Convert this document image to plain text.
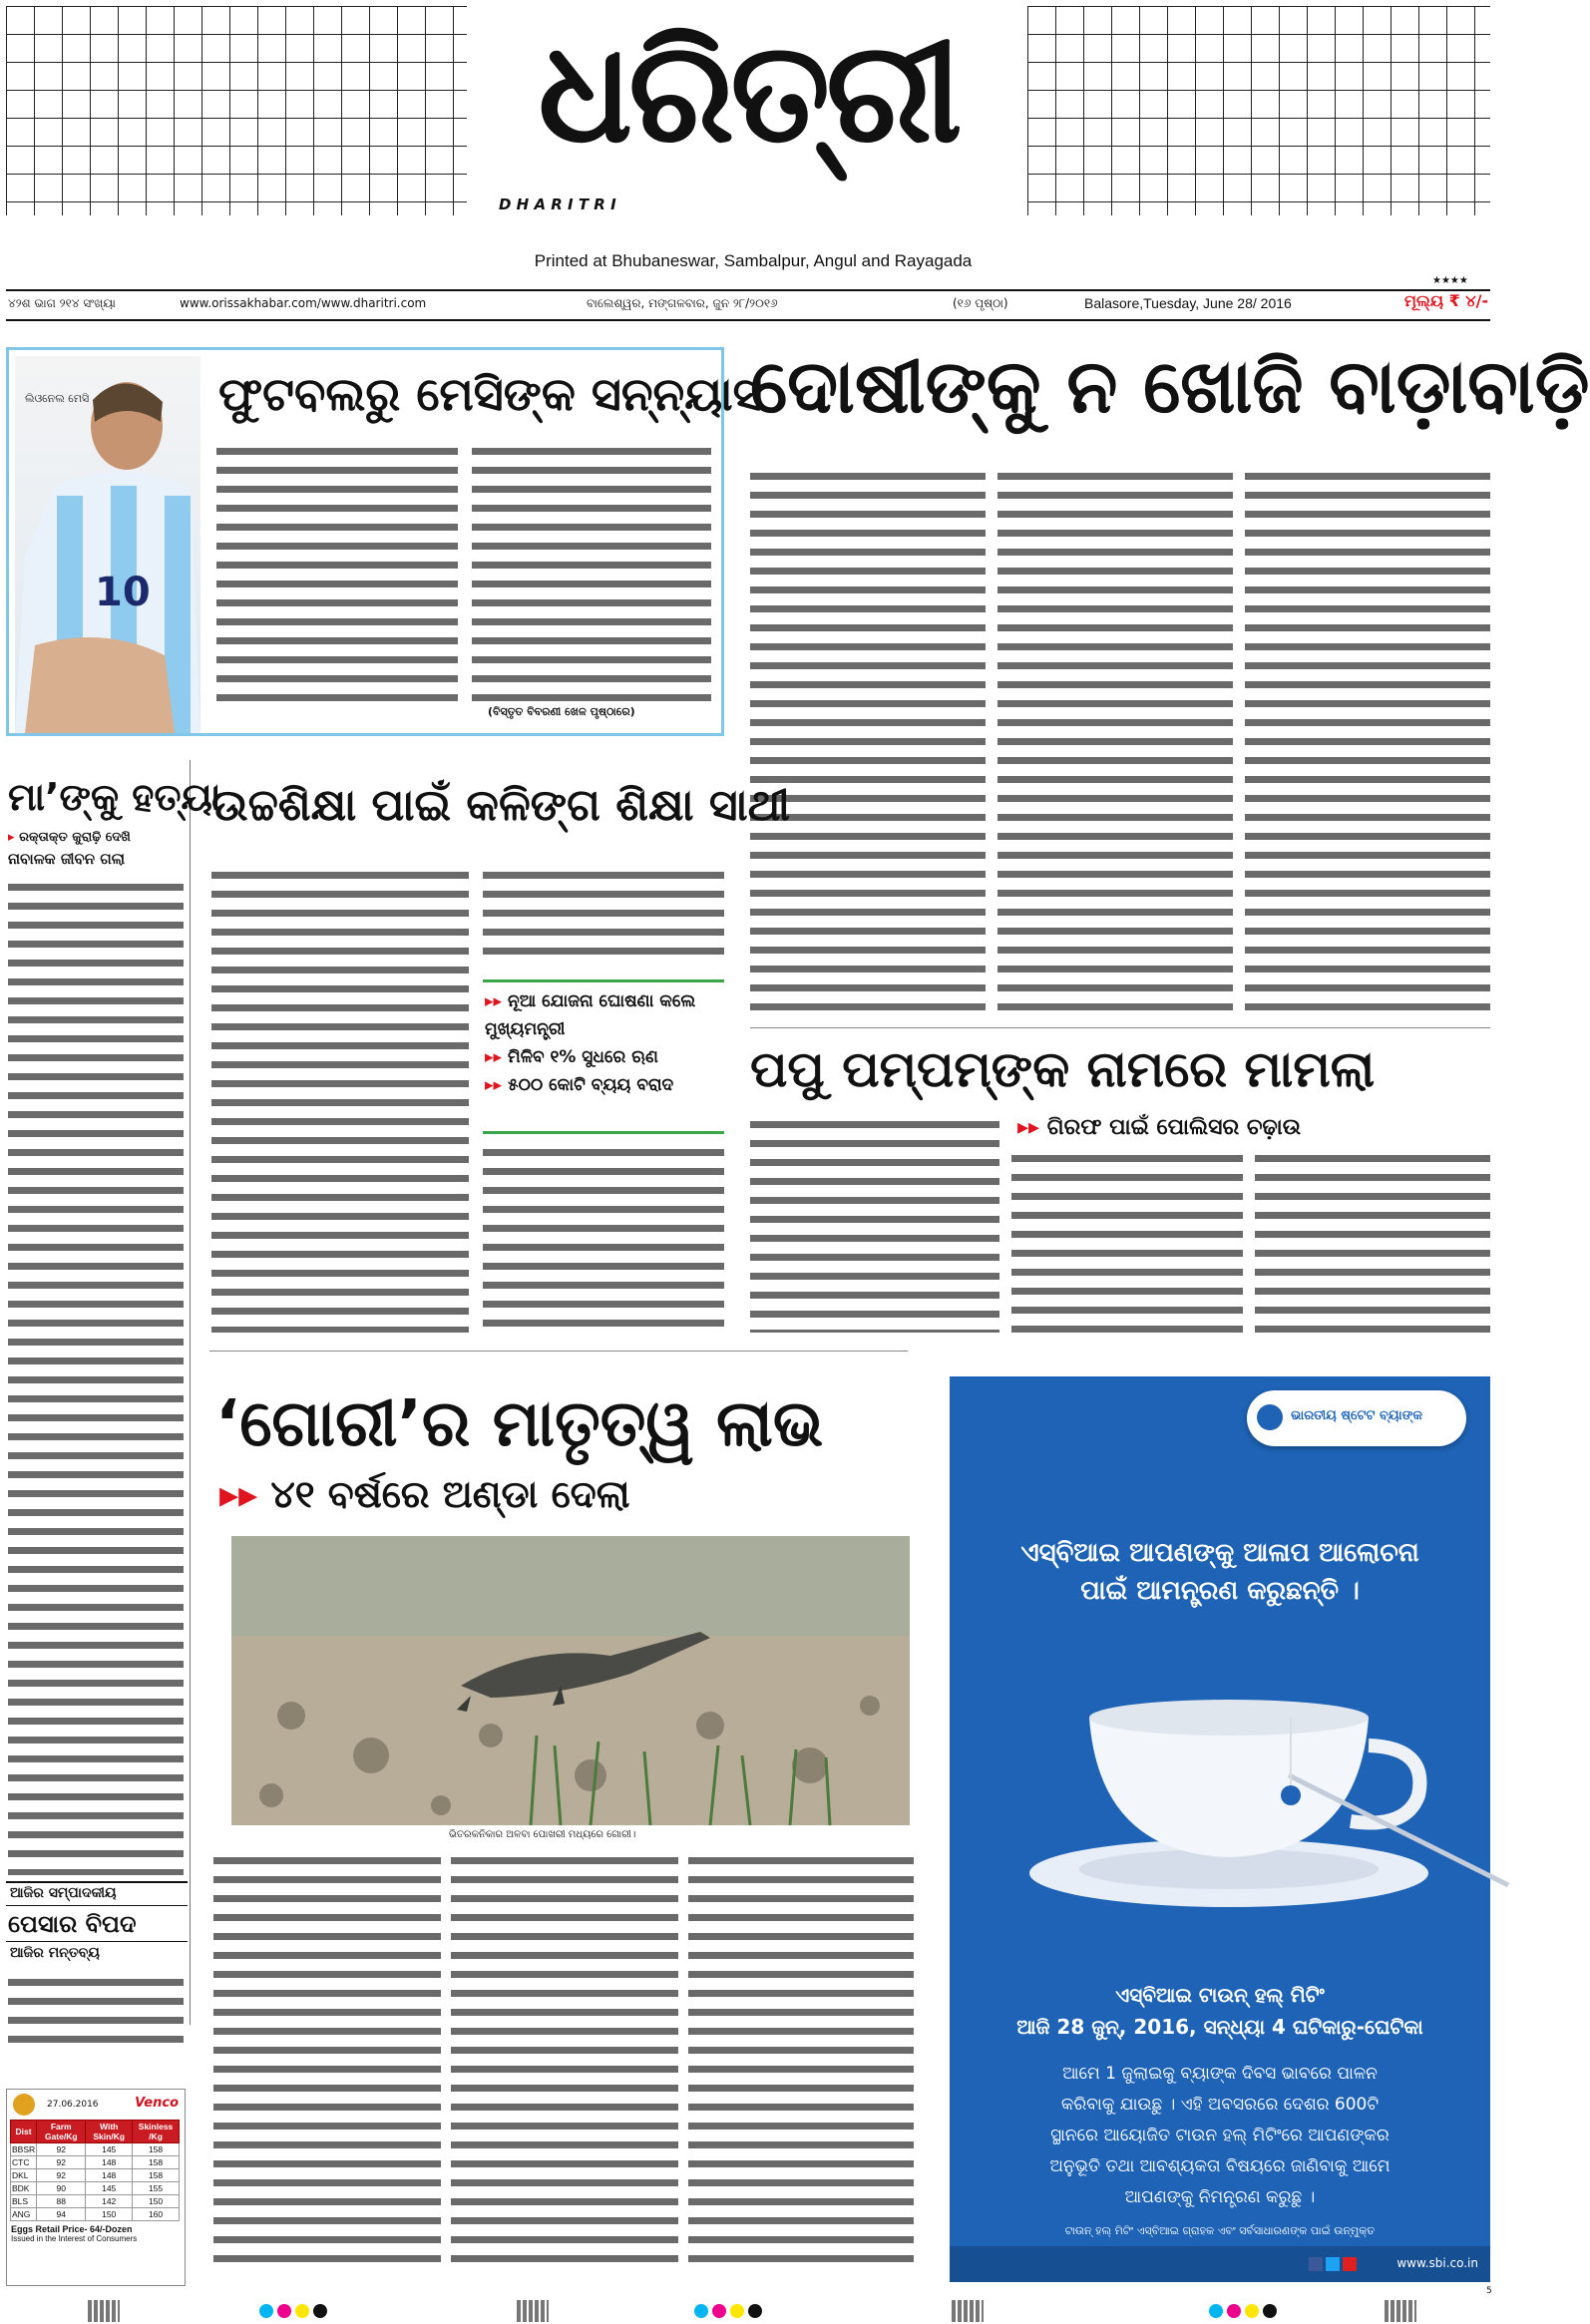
ଧରିତ୍ରୀ
D H A R I T R I
Printed at Bhubaneswar, Sambalpur, Angul and Rayagada
★★★★
୪୨ଶ ଭାଗ ୨୧୪ ସଂଖ୍ୟା	www.orissakhabar.com/www.dharitri.com	ବାଲେଶ୍ୱର, ମଙ୍ଗଳବାର, ଜୁନ ୨୮/୨୦୧୬	(୧୬ ପୃଷ୍ଠା)	Balasore,Tuesday, June 28/ 2016	ମୂଲ୍ୟ ₹ ୪/-
10
ଲିଓନେଲ ମେସି	ଫୁଟବଲରୁ ମେସିଙ୍କ ସନ୍ନ୍ୟାସ
(ବିସ୍ତୃତ ବିବରଣୀ ଖେଳ ପୃଷ୍ଠାରେ)
ଦୋଷୀଙ୍କୁ ନ ଖୋଜି ବାଡ଼ାବାଡ଼ି
ମା’ଙ୍କୁ ହତ୍ୟା
▸ ରକ୍ତାକ୍ତ କୁରାଢ଼ି ଦେଖି
ନାବାଳକ ଜୀବନ ଗଲା
ଆଜିର ସମ୍ପାଦକୀୟ
ପେସାର ବିପଦ
ଆଜିର ମନ୍ତବ୍ୟ
27.06.2016	Venco
Dist	Farm Gate/Kg	With Skin/Kg	Skinless /Kg
BBSR	92	145	158
CTC	92	148	158
DKL	92	148	158
BDK	90	145	155
BLS	88	142	150
ANG	94	150	160
Eggs Retail Price- 64/-Dozen
Issued in the Interest of Consumers
ଉଚ୍ଚଶିକ୍ଷା ପାଇଁ କଳିଙ୍ଗ ଶିକ୍ଷା ସାଥୀ
▸▸ ନୂଆ ଯୋଜନା ଘୋଷଣା କଲେ ମୁଖ୍ୟମନ୍ତ୍ରୀ
▸▸ ମିଳିବ ୧% ସୁଧରେ ଋଣ
▸▸ ୫୦୦ କୋଟି ବ୍ୟୟ ବରାଦ	ପପୁ ପମ୍‌ପମ୍‌ଙ୍କ ନାମରେ ମାମଲା
▸▸ ଗିରଫ ପାଇଁ ପୋଲିସର ଚଢ଼ାଉ
‘ଗୋରୀ’ର ମାତୃତ୍ୱ ଲାଭ
▸▸ ୪୧ ବର୍ଷରେ ଅଣ୍ଡା ଦେଲା
ଭିତରକନିକାର ଅଳବା ପୋଖରୀ ମଧ୍ୟରେ ଗୋରୀ।
ଭାରତୀୟ ଷ୍ଟେଟ ବ୍ୟାଙ୍କ
ଏସ୍‌ବିଆଇ ଆପଣଙ୍କୁ ଆଳାପ ଆଲୋଚନା
ପାଇଁ ଆମନ୍ତ୍ରଣ କରୁଛନ୍ତି ।
ଏସ୍‌ବିଆଇ ଟାଉନ୍ ହଲ୍ ମିଟିଂ
ଆଜି 28 ଜୁନ୍, 2016, ସନ୍ଧ୍ୟା 4 ଘଟିକାରୁ-ଘେଟିକା
ଆମେ 1 ଜୁଲାଇକୁ ବ୍ୟାଙ୍କ ଦିବସ ଭାବରେ ପାଳନ
କରିବାକୁ ଯାଉଛୁ । ଏହି ଅବସରରେ ଦେଶର 600ଟି
ସ୍ଥାନରେ ଆୟୋଜିତ ଟାଉନ ହଲ୍ ମିଟିଂରେ ଆପଣଙ୍କର
ଅନୁଭୂତି ତଥା ଆବଶ୍ୟକତା ବିଷୟରେ ଜାଣିବାକୁ ଆମେ
ଆପଣଙ୍କୁ ନିମନ୍ତ୍ରଣ କରୁଛୁ ।
ଟାଉନ୍ ହଲ୍ ମିଟିଂ ଏସ୍‌ବିଆଇ ଗ୍ରାହକ ଏବଂ ସର୍ବସାଧାରଣଙ୍କ ପାଇଁ ଉନ୍ମୁକ୍ତ
www.sbi.co.in
5
